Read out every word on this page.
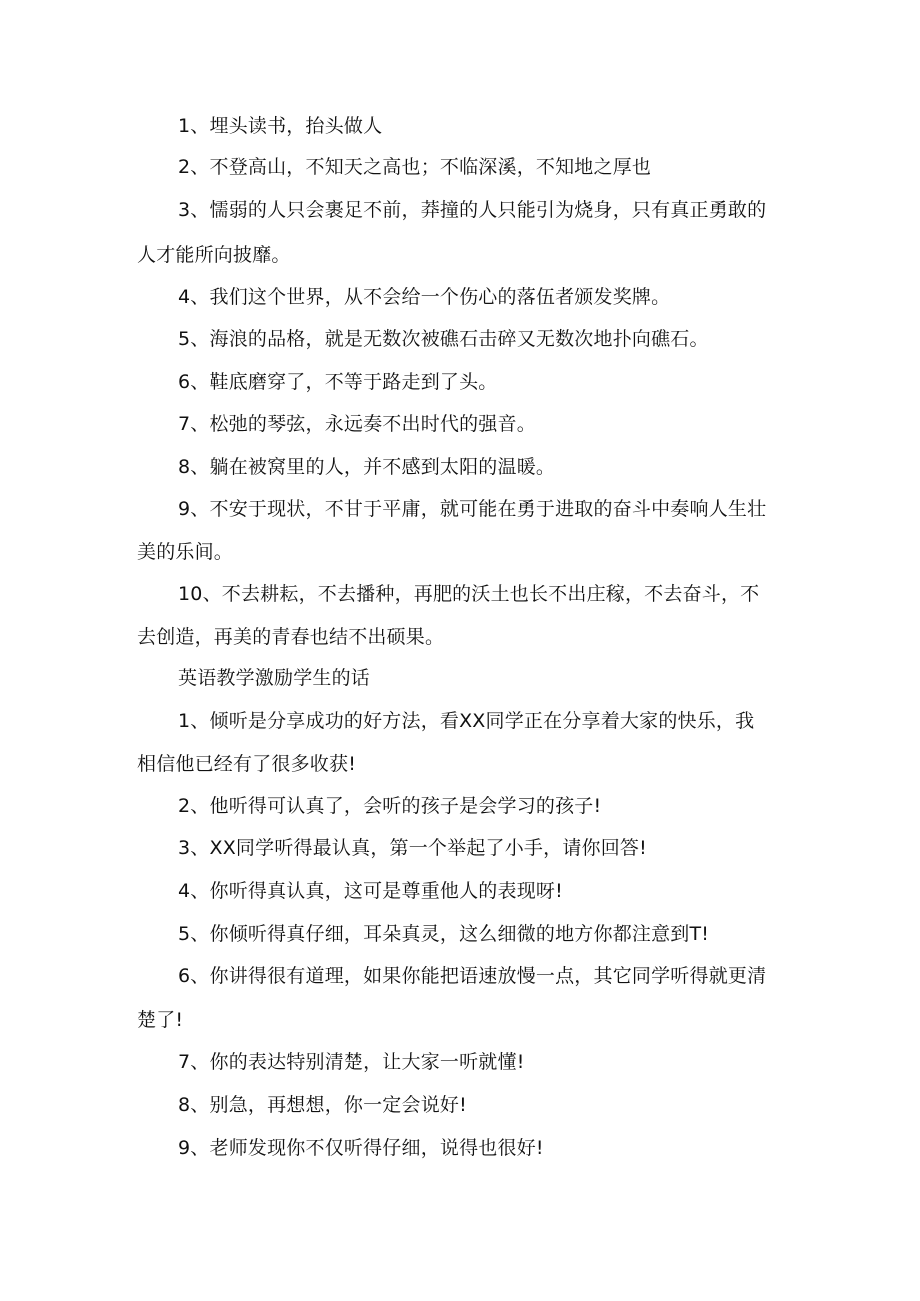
1、埋头读书，抬头做人
2、不登高山，不知天之高也；不临深溪，不知地之厚也
3、懦弱的人只会裹足不前，莽撞的人只能引为烧身，只有真正勇敢的
人才能所向披靡。
4、我们这个世界，从不会给一个伤心的落伍者颁发奖牌。
5、海浪的品格，就是无数次被礁石击碎又无数次地扑向礁石。
6、鞋底磨穿了，不等于路走到了头。
7、松弛的琴弦，永远奏不出时代的强音。
8、躺在被窝里的人，并不感到太阳的温暖。
9、不安于现状，不甘于平庸，就可能在勇于进取的奋斗中奏响人生壮
美的乐间。
10、不去耕耘，不去播种，再肥的沃土也长不出庄稼，不去奋斗，不
去创造，再美的青春也结不出硕果。
英语教学激励学生的话
1、倾听是分享成功的好方法，看XX同学正在分享着大家的快乐，我
相信他已经有了很多收获!
2、他听得可认真了，会听的孩子是会学习的孩子!
3、XX同学听得最认真，第一个举起了小手，请你回答!
4、你听得真认真，这可是尊重他人的表现呀!
5、你倾听得真仔细，耳朵真灵，这么细微的地方你都注意到T!
6、你讲得很有道理，如果你能把语速放慢一点，其它同学听得就更清
楚了!
7、你的表达特别清楚，让大家一听就懂!
8、别急，再想想，你一定会说好!
9、老师发现你不仅听得仔细，说得也很好!
